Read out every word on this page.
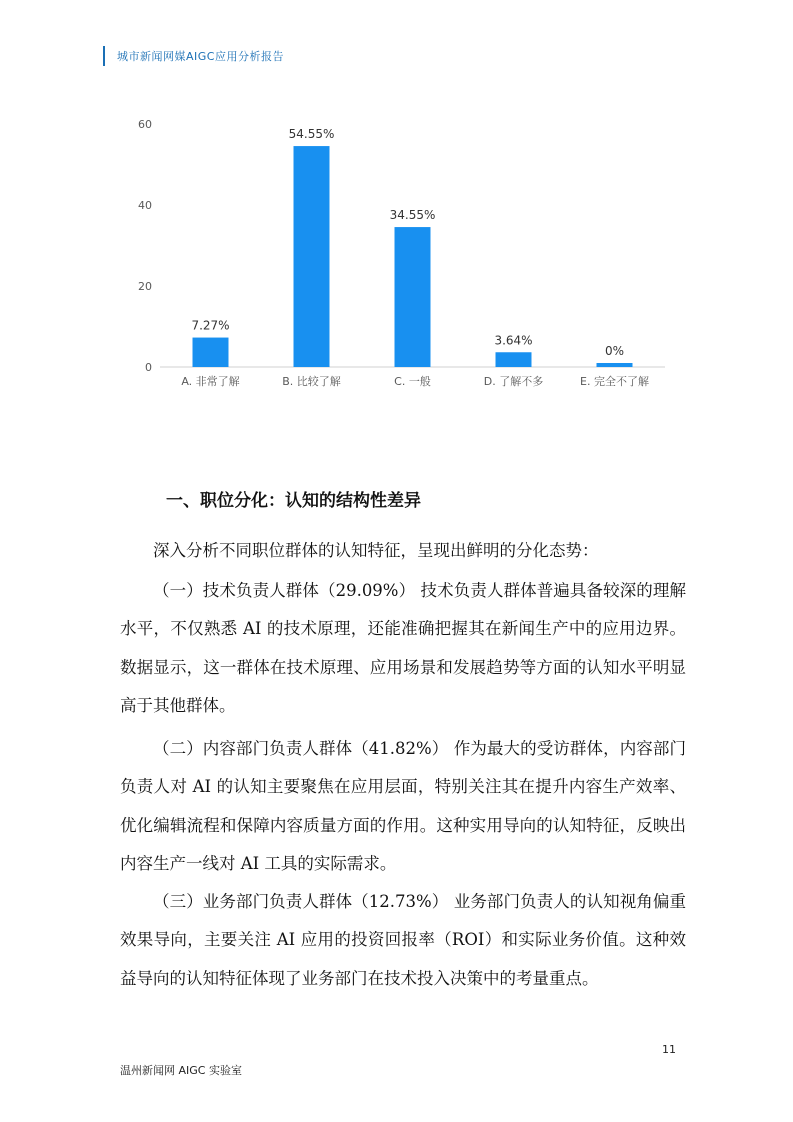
城市新闻网媒AIGC应用分析报告
0
20
40
60
7.27%
54.55%
34.55%
3.64%
0%
A. 非常了解	B. 比较了解	C. 一般	D. 了解不多	E. 完全不了解
一、职位分化：认知的结构性差异

深入分析不同职位群体的认知特征，呈现出鲜明的分化态势：

（一）技术负责人群体（29.09%） 技术负责人群体普遍具备较深的理解水平，不仅熟悉 AI 的技术原理，还能准确把握其在新闻生产中的应用边界。数据显示，这一群体在技术原理、应用场景和发展趋势等方面的认知水平明显高于其他群体。

（二）内容部门负责人群体（41.82%） 作为最大的受访群体，内容部门负责人对 AI 的认知主要聚焦在应用层面，特别关注其在提升内容生产效率、优化编辑流程和保障内容质量方面的作用。这种实用导向的认知特征，反映出内容生产一线对 AI 工具的实际需求。

（三）业务部门负责人群体（12.73%） 业务部门负责人的认知视角偏重效果导向，主要关注 AI 应用的投资回报率（ROI）和实际业务价值。这种效益导向的认知特征体现了业务部门在技术投入决策中的考量重点。

11
温州新闻网 AIGC 实验室
